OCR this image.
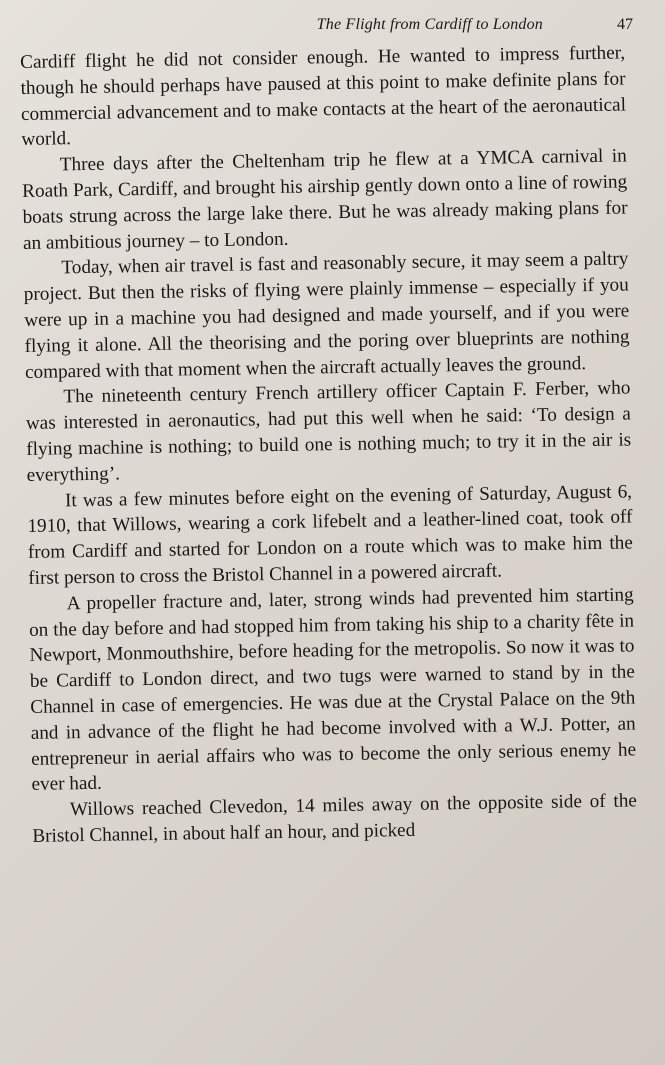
The Flight from Cardiff to London	47

Cardiff flight he did not consider enough. He wanted to impress further, though he should perhaps have paused at this point to make definite plans for commercial advancement and to make contacts at the heart of the aeronautical world.

Three days after the Cheltenham trip he flew at a YMCA carnival in Roath Park, Cardiff, and brought his airship gently down onto a line of rowing boats strung across the large lake there. But he was already making plans for an ambitious journey – to London.

Today, when air travel is fast and reasonably secure, it may seem a paltry project. But then the risks of flying were plainly immense – especially if you were up in a machine you had designed and made yourself, and if you were flying it alone. All the theorising and the poring over blueprints are nothing compared with that moment when the aircraft actually leaves the ground.

The nineteenth century French artillery officer Captain F. Ferber, who was interested in aeronautics, had put this well when he said: ‘To design a flying machine is nothing; to build one is nothing much; to try it in the air is everything’.

It was a few minutes before eight on the evening of Saturday, August 6, 1910, that Willows, wearing a cork lifebelt and a leather-lined coat, took off from Cardiff and started for London on a route which was to make him the first person to cross the Bristol Channel in a powered aircraft.

A propeller fracture and, later, strong winds had prevented him starting on the day before and had stopped him from taking his ship to a charity fête in Newport, Monmouthshire, before heading for the metropolis. So now it was to be Cardiff to London direct, and two tugs were warned to stand by in the Channel in case of emergencies. He was due at the Crystal Palace on the 9th and in advance of the flight he had become involved with a W.J. Potter, an entrepreneur in aerial affairs who was to become the only serious enemy he ever had.

Willows reached Clevedon, 14 miles away on the opposite side of the Bristol Channel, in about half an hour, and picked
